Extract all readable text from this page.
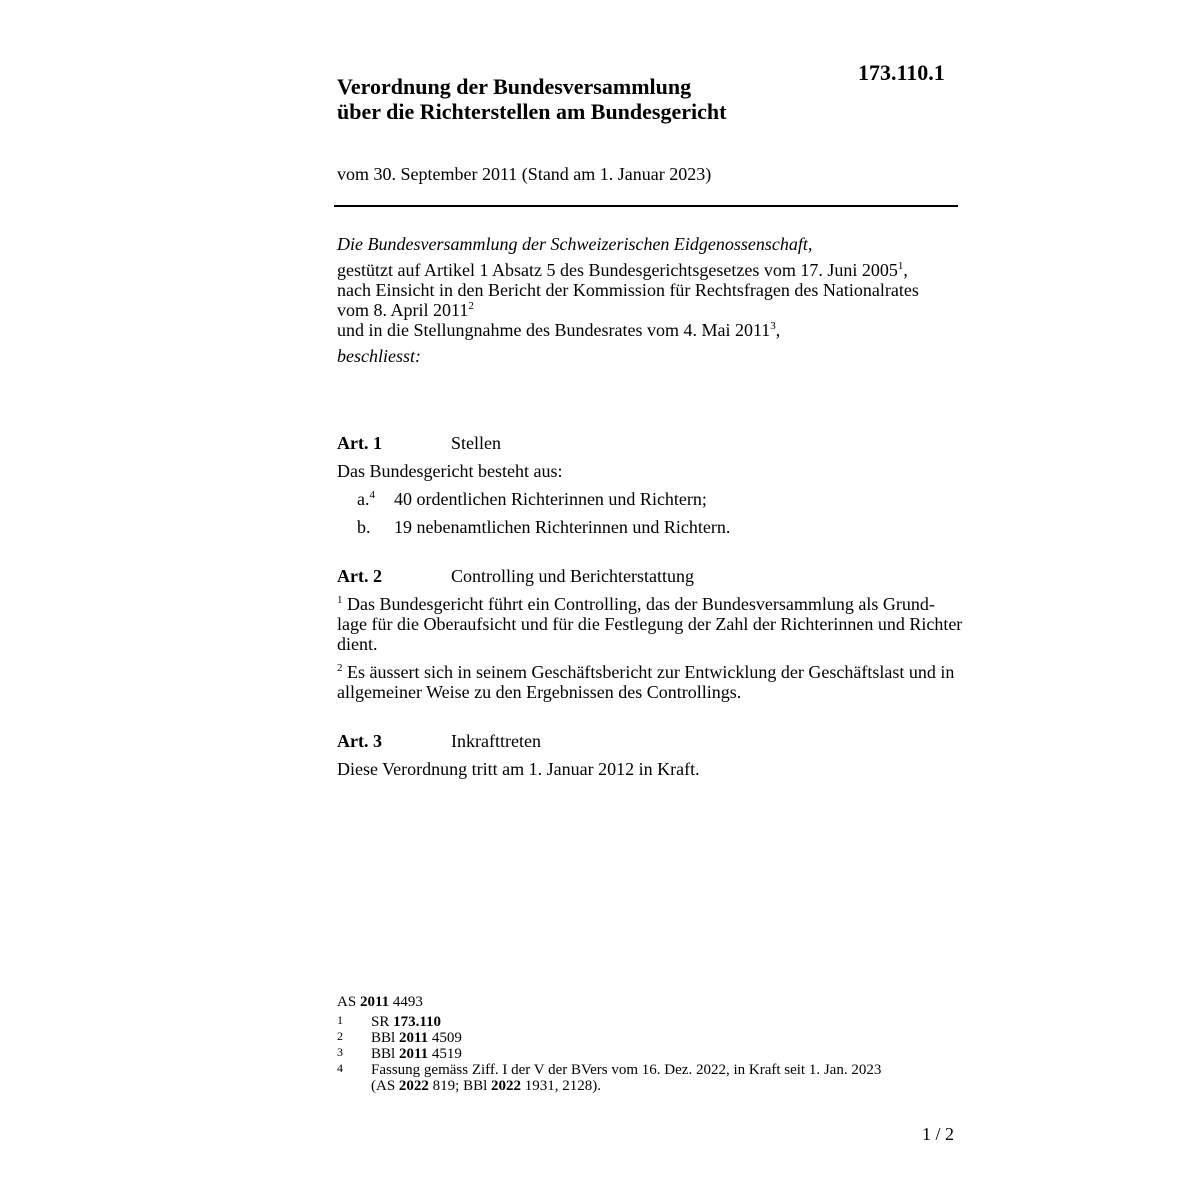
173.110.1
Verordnung der Bundesversammlung
über die Richterstellen am Bundesgericht
vom 30. September 2011 (Stand am 1. Januar 2023)
Die Bundesversammlung der Schweizerischen Eidgenossenschaft,
gestützt auf Artikel 1 Absatz 5 des Bundesgerichtsgesetzes vom 17. Juni 2005$^1$,
nach Einsicht in den Bericht der Kommission für Rechtsfragen des Nationalrates
vom 8. April 2011$^2$
und in die Stellungnahme des Bundesrates vom 4. Mai 2011$^3$,
beschliesst:
Art. 1	Stellen
Das Bundesgericht besteht aus:
a.$^4$ 40 ordentlichen Richterinnen und Richtern;
b. 19 nebenamtlichen Richterinnen und Richtern.
Art. 2	Controlling und Berichterstattung
$^1$ Das Bundesgericht führt ein Controlling, das der Bundesversammlung als Grund-
lage für die Oberaufsicht und für die Festlegung der Zahl der Richterinnen und Richter
dient.
$^2$ Es äussert sich in seinem Geschäftsbericht zur Entwicklung der Geschäftslast und in
allgemeiner Weise zu den Ergebnissen des Controllings.
Art. 3	Inkrafttreten
Diese Verordnung tritt am 1. Januar 2012 in Kraft.
AS 2011 4493
1 SR 173.110
2 BBl 2011 4509
3 BBl 2011 4519
4 Fassung gemäss Ziff. I der V der BVers vom 16. Dez. 2022, in Kraft seit 1. Jan. 2023
(AS 2022 819; BBl 2022 1931, 2128).
1 / 2
